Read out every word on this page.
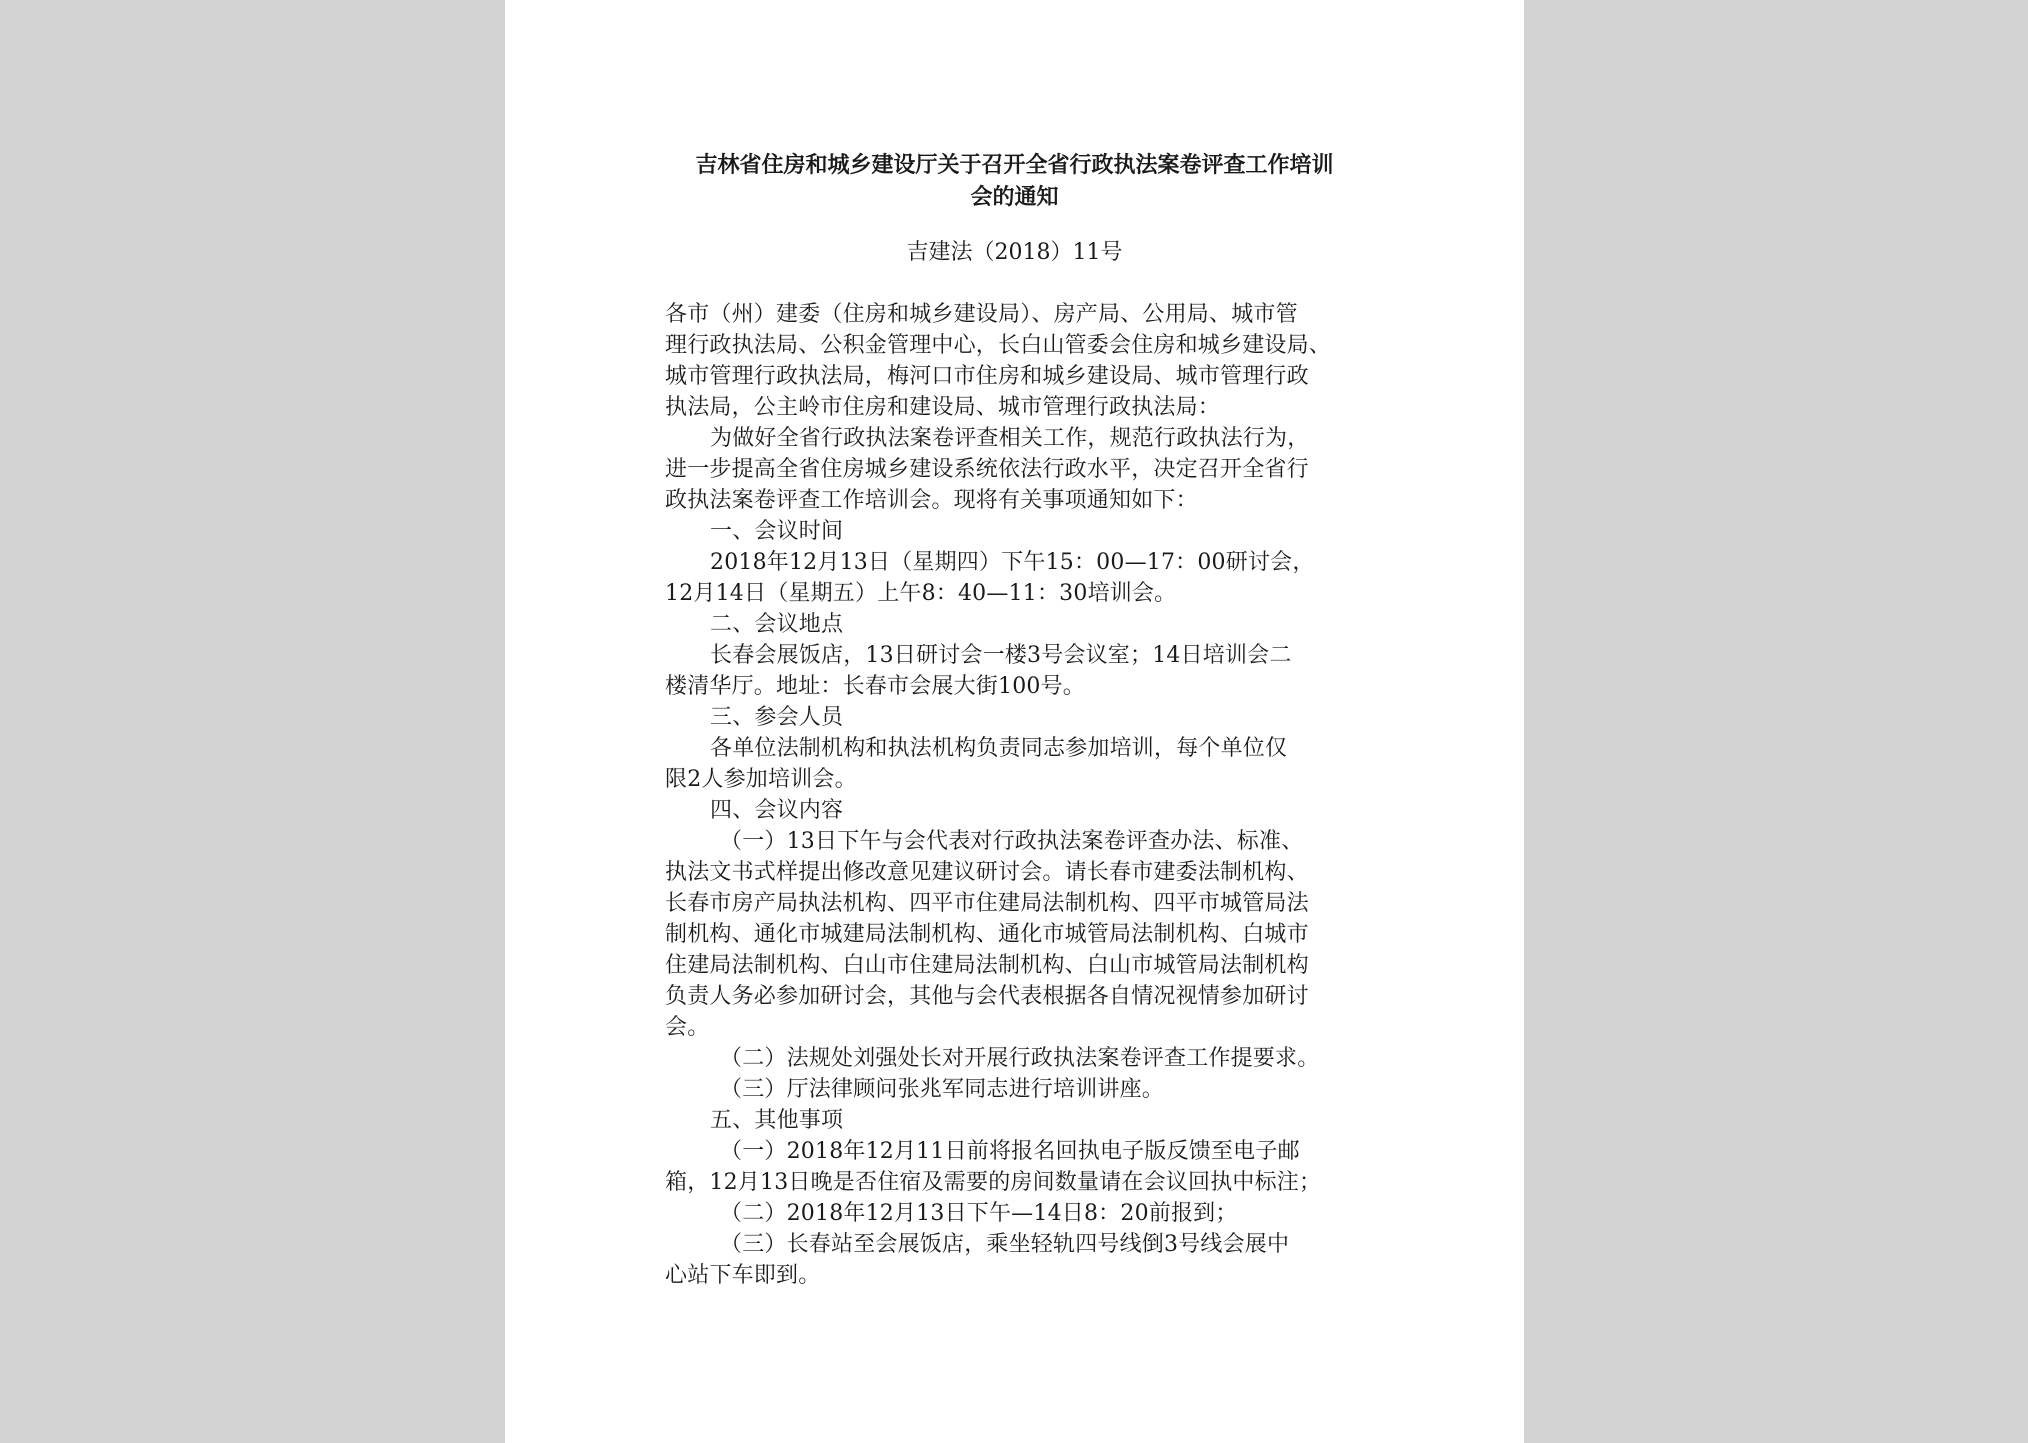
吉林省住房和城乡建设厅关于召开全省行政执法案卷评查工作培训
会的通知
吉建法（2018）11号
各市（州）建委（住房和城乡建设局）、房产局、公用局、城市管
理行政执法局、公积金管理中心，长白山管委会住房和城乡建设局、
城市管理行政执法局，梅河口市住房和城乡建设局、城市管理行政
执法局，公主岭市住房和建设局、城市管理行政执法局：
为做好全省行政执法案卷评查相关工作，规范行政执法行为，
进一步提高全省住房城乡建设系统依法行政水平，决定召开全省行
政执法案卷评查工作培训会。现将有关事项通知如下：
一、会议时间
2018年12月13日（星期四）下午15：00—17：00研讨会，
12月14日（星期五）上午8：40—11：30培训会。
二、会议地点
长春会展饭店，13日研讨会一楼3号会议室；14日培训会二
楼清华厅。地址：长春市会展大街100号。
三、参会人员
各单位法制机构和执法机构负责同志参加培训，每个单位仅
限2人参加培训会。
四、会议内容
（一）13日下午与会代表对行政执法案卷评查办法、标准、
执法文书式样提出修改意见建议研讨会。请长春市建委法制机构、
长春市房产局执法机构、四平市住建局法制机构、四平市城管局法
制机构、通化市城建局法制机构、通化市城管局法制机构、白城市
住建局法制机构、白山市住建局法制机构、白山市城管局法制机构
负责人务必参加研讨会，其他与会代表根据各自情况视情参加研讨
会。
（二）法规处刘强处长对开展行政执法案卷评查工作提要求。
（三）厅法律顾问张兆军同志进行培训讲座。
五、其他事项
（一）2018年12月11日前将报名回执电子版反馈至电子邮
箱，12月13日晚是否住宿及需要的房间数量请在会议回执中标注；
（二）2018年12月13日下午—14日8：20前报到；
（三）长春站至会展饭店，乘坐轻轨四号线倒3号线会展中
心站下车即到。
